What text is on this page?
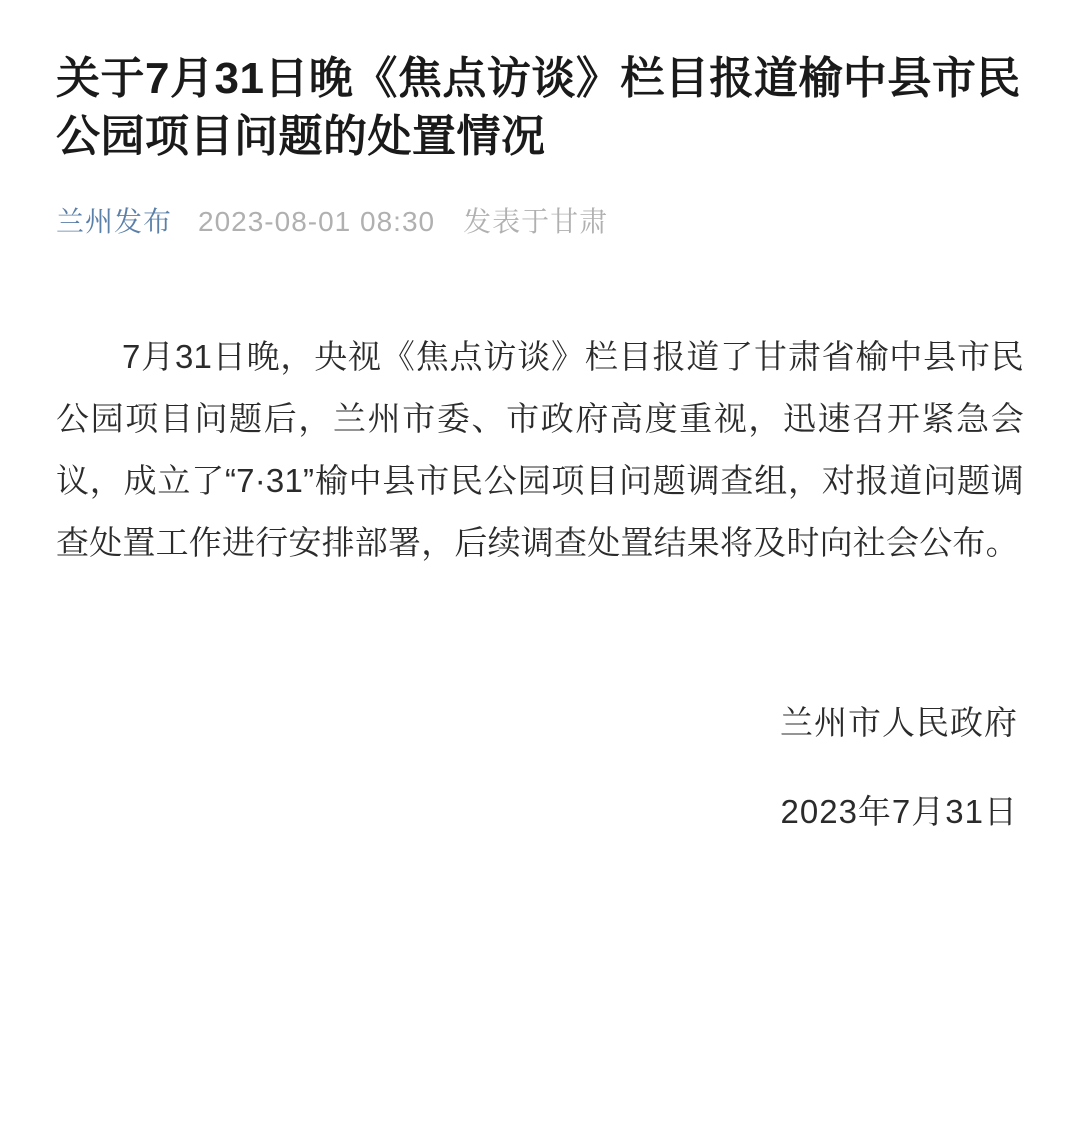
关于7月31日晚《焦点访谈》栏目报道榆中县市民公园项目问题的处置情况
兰州发布 2023-08-01 08:30 发表于甘肃

7月31日晚，央视《焦点访谈》栏目报道了甘肃省榆中县市民公园项目问题后，兰州市委、市政府高度重视，迅速召开紧急会议，成立了“7·31”榆中县市民公园项目问题调查组，对报道问题调查处置工作进行安排部署，后续调查处置结果将及时向社会公布。

兰州市人民政府
2023年7月31日
